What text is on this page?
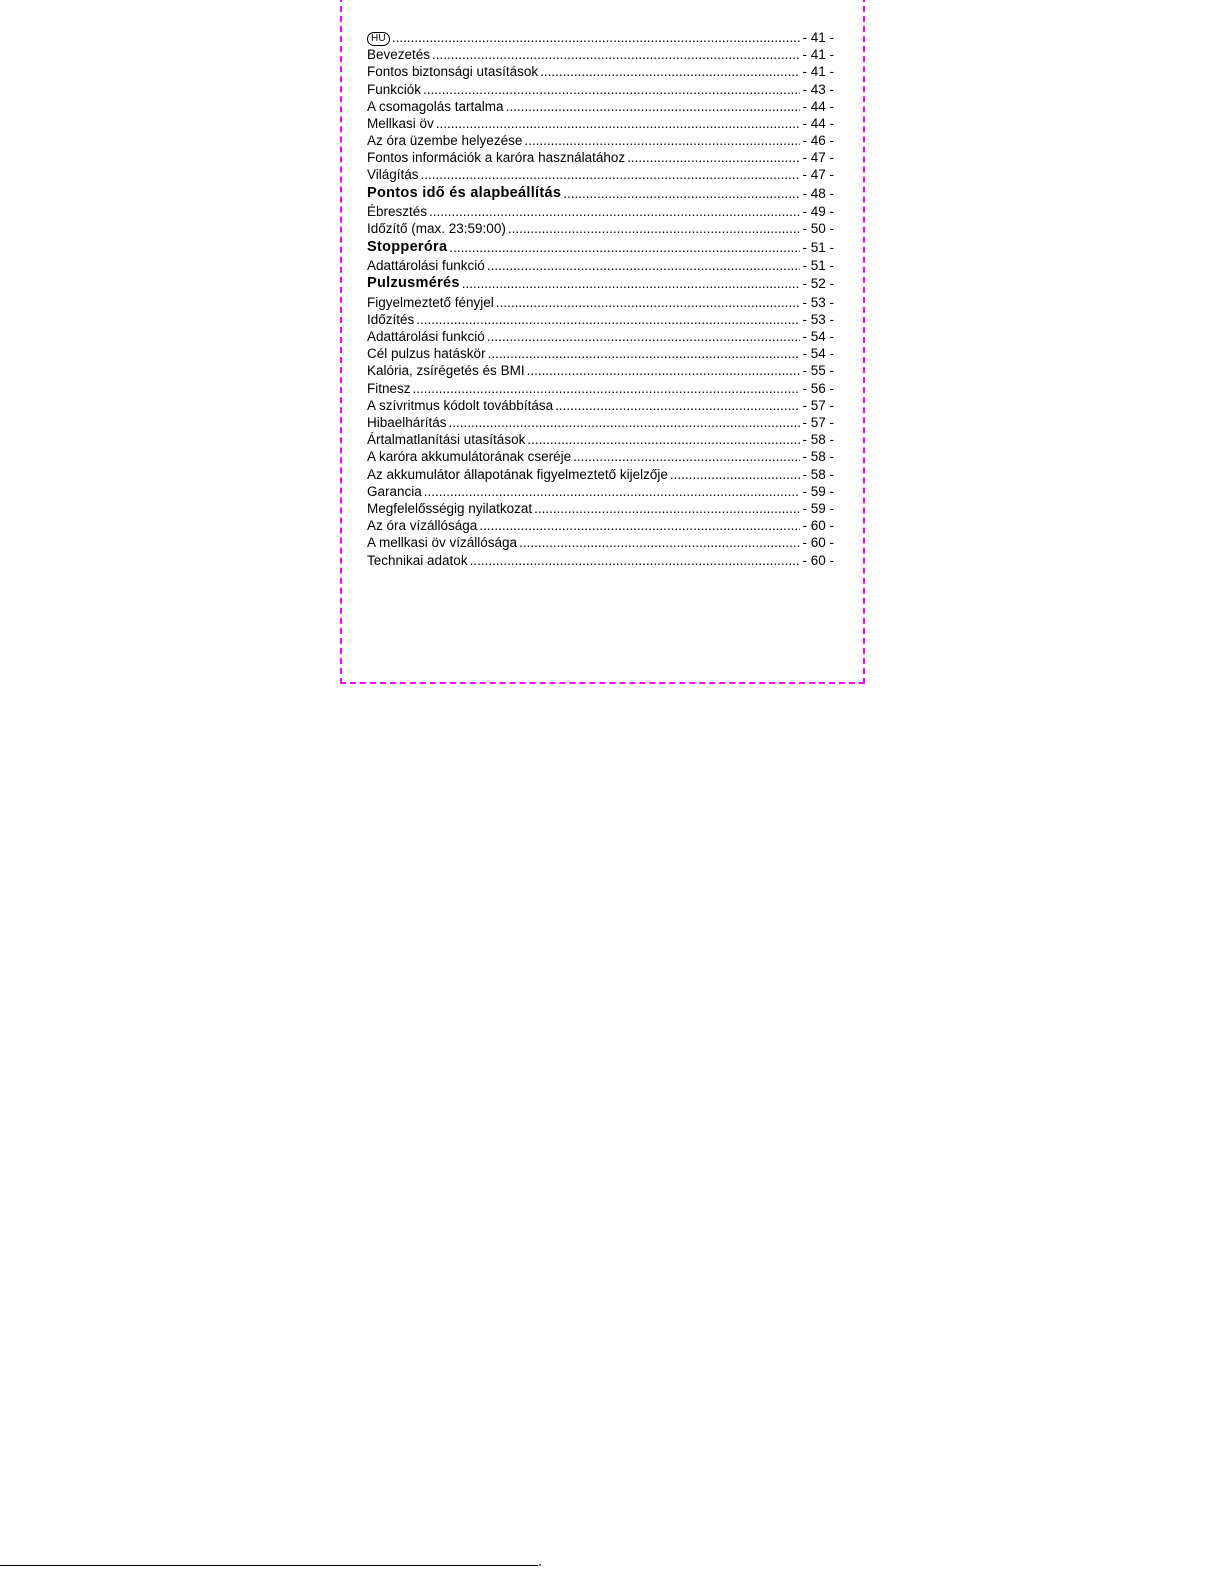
HU .....	- 41 -
Bevezetés .....	- 41 -
Fontos biztonsági utasítások .....	- 41 -
Funkciók .....	- 43 -
A csomagolás tartalma .....	- 44 -
Mellkasi öv .....	- 44 -
Az óra üzembe helyezése .....	- 46 -
Fontos információk a karóra használatához .....	- 47 -
Világítás .....	- 47 -
Pontos idő és alapbeállítás .....	- 48 -
Ébresztés .....	- 49 -
Időzítő (max. 23:59:00) .....	- 50 -
Stopperóra .....	- 51 -
Adattárolási funkció .....	- 51 -
Pulzusmérés .....	- 52 -
Figyelmeztető fényjel .....	- 53 -
Időzítés .....	- 53 -
Adattárolási funkció .....	- 54 -
Cél pulzus hatáskör .....	- 54 -
Kalória, zsírégetés és BMI .....	- 55 -
Fitnesz .....	- 56 -
A szívritmus kódolt továbbítása .....	- 57 -
Hibaelhárítás .....	- 57 -
Ártalmatlanítási utasítások .....	- 58 -
A karóra akkumulátorának cseréje .....	- 58 -
Az akkumulátor állapotának figyelmeztető kijelzője .....	- 58 -
Garancia .....	- 59 -
Megfelelősségig nyilatkozat .....	- 59 -
Az óra vízállósága .....	- 60 -
A mellkasi öv vízállósága .....	- 60 -
Technikai adatok .....	- 60 -
